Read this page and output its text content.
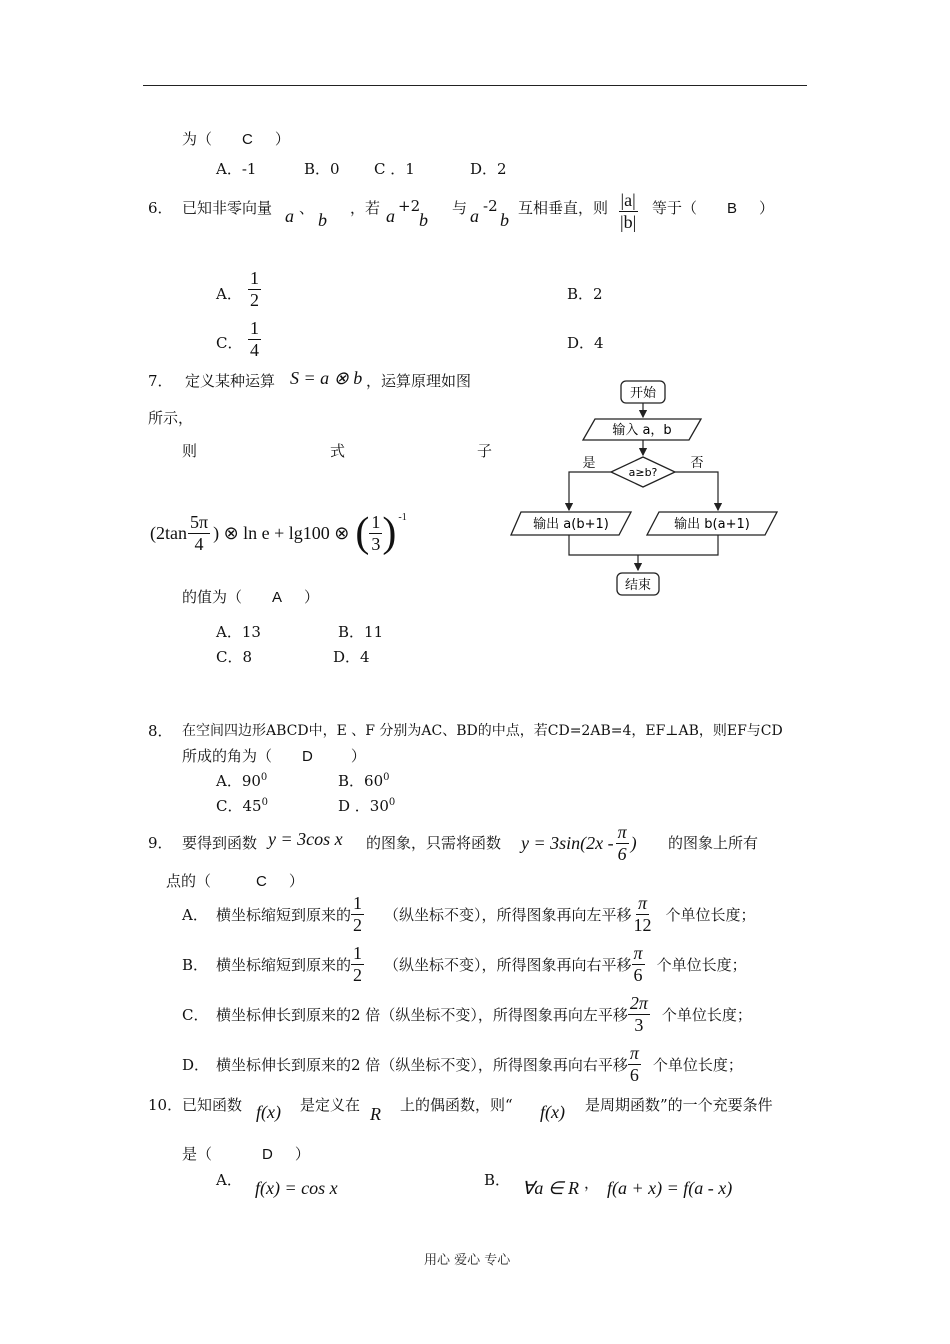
为（ C ）
A．-1	B．0 C ．1	D．2
6． 已知非零向量 a 、
b
，若 a +2
b
与 a -2
b
互相垂直，则 $\frac{|a|}{|b|}$ 等于（ B ）
A． $\frac{1}{2}$	B．2
C． $\frac{1}{4}$	D．4
7． 定义某种运算 S = a ⊗ b ，运算原理如图
所示，
则	式	子
($2\tan \frac{5\pi}{4}$ ) ⊗ ln e + lg100 ⊗ ( $\frac{1}{3}$ ) -1
的值为（ A ）
A．13	B．11
C．8	D．4
开始
输入 a，b
a≥b?
是	否
输出 a(b+1)	输出 b(a+1)
结束
8． 在空间四边形ABCD中，E 、F 分别为AC、BD的中点，若CD=2AB=4，EF⊥AB，则EF与CD
所成的角为（ D	）
A．$90^0$	B．$60^0$
C．$45^0$	D ．$30^0$
9． 要得到函数 y = 3cos x 的图象，只需将函数 $y = 3\sin(2x - \frac{\pi}{6}$ ) 的图象上所有
点的（	C ）
A． 横坐标缩短到原来的 $\frac{1}{2}$ （纵坐标不变），所得图象再向左平移 $\frac{\pi}{12}$ 个单位长度；
B． 横坐标缩短到原来的 $\frac{1}{2}$ （纵坐标不变），所得图象再向右平移 $\frac{\pi}{6}$ 个单位长度；
C． 横坐标伸长到原来的2 倍 （纵坐标不变），所得图象再向左平移 $\frac{2\pi}{3}$ 个单位长度；
D． 横坐标伸长到原来的2 倍 （纵坐标不变），所得图象再向右平移 $\frac{\pi}{6}$ 个单位长度；
10． 已知函数 f(x) 是定义在 R 上的偶函数，则“ f(x) 是周期函数”的一个充要条件
是（	D ）
A． f(x) = cos x	B． ∀a ∈ R ， f(a + x) = f(a - x)
用心 爱心 专心
